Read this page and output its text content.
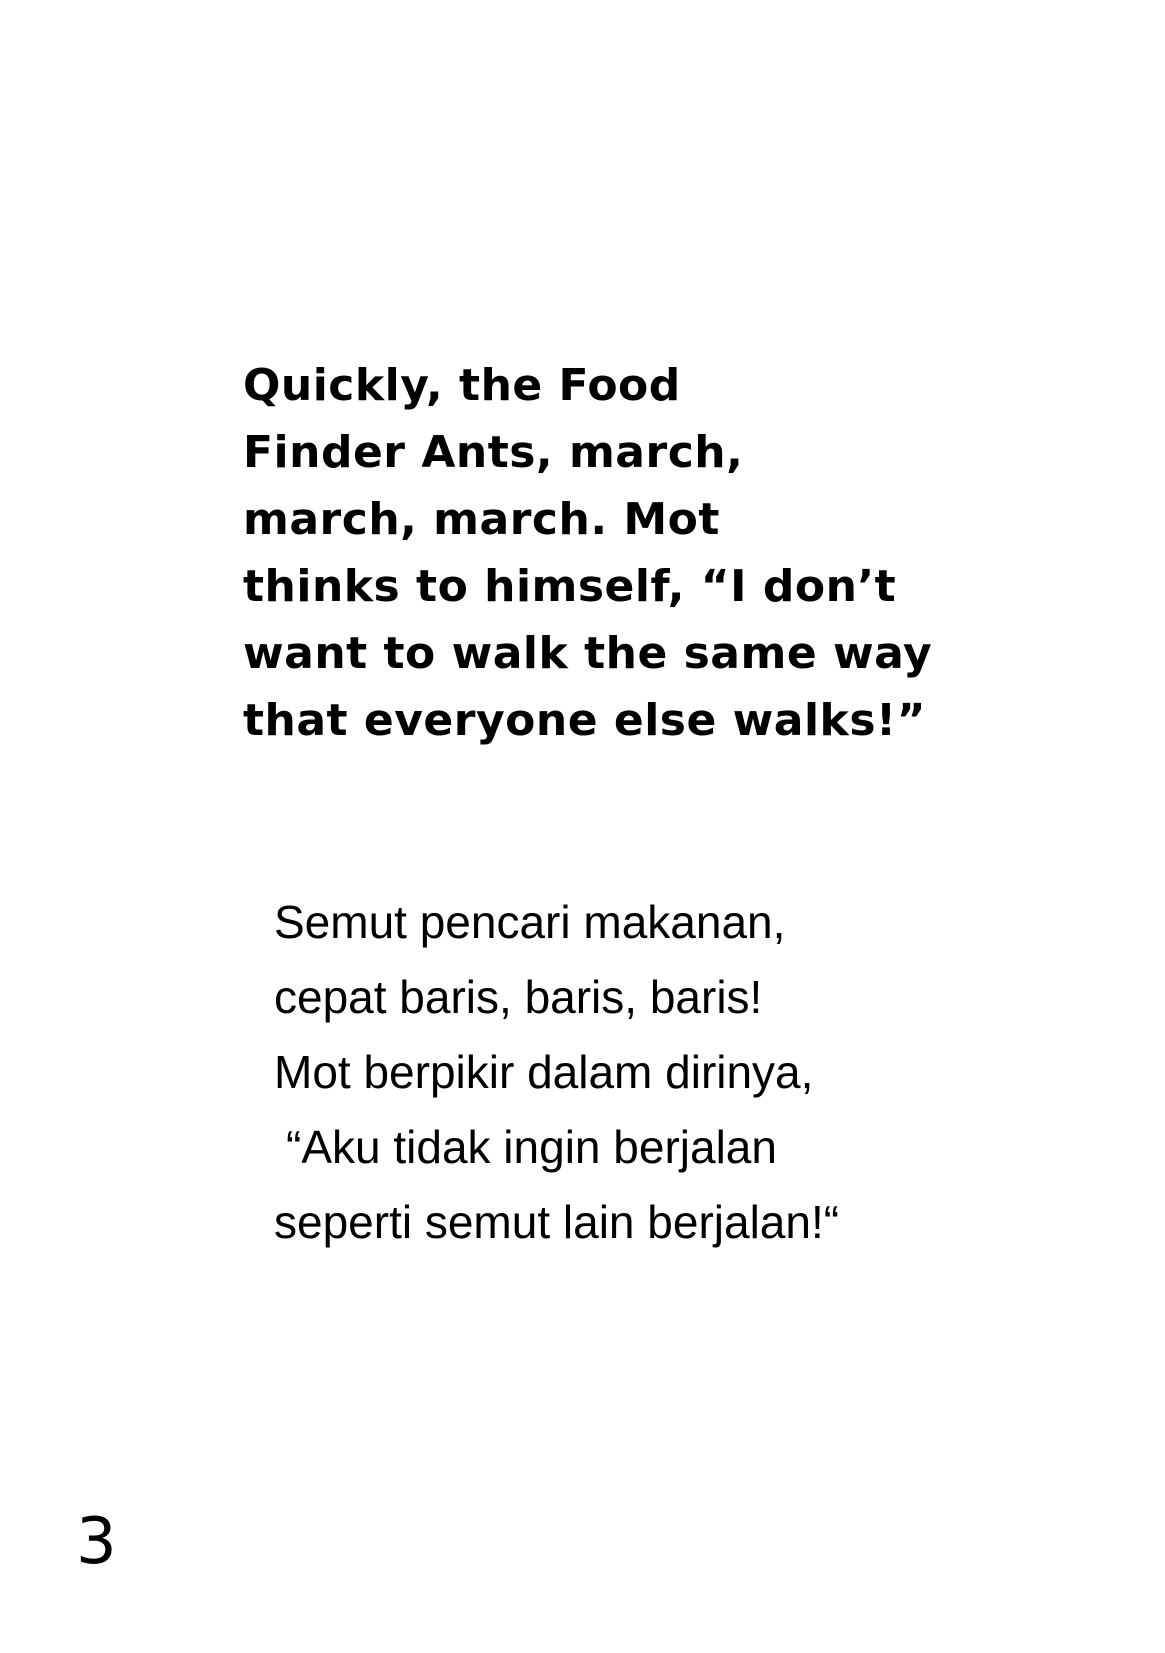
Quickly, the Food
Finder Ants, march,
march, march. Mot
thinks to himself, “I don’t
want to walk the same way
that everyone else walks!”
Semut pencari makanan,
cepat baris, baris, baris!
Mot berpikir dalam dirinya,
“Aku tidak ingin berjalan
seperti semut lain berjalan!“
3
